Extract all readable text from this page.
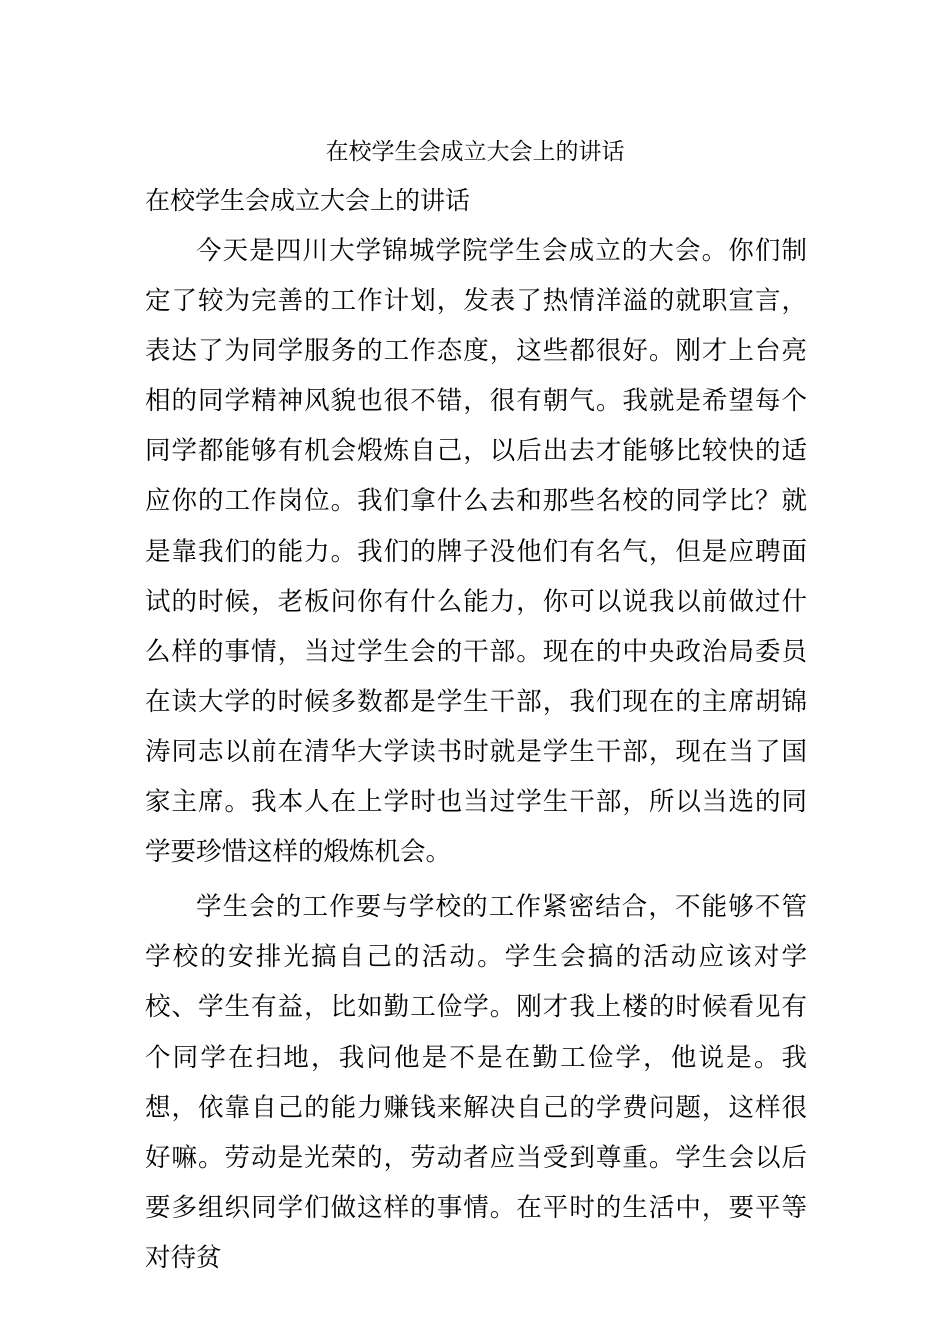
在校学生会成立大会上的讲话
在校学生会成立大会上的讲话

今天是四川大学锦城学院学生会成立的大会。你们制定了较为完善的工作计划，发表了热情洋溢的就职宣言，表达了为同学服务的工作态度，这些都很好。刚才上台亮相的同学精神风貌也很不错，很有朝气。我就是希望每个同学都能够有机会煅炼自己，以后出去才能够比较快的适应你的工作岗位。我们拿什么去和那些名校的同学比？就是靠我们的能力。我们的牌子没他们有名气，但是应聘面试的时候，老板问你有什么能力，你可以说我以前做过什么样的事情，当过学生会的干部。现在的中央政治局委员在读大学的时候多数都是学生干部，我们现在的主席胡锦涛同志以前在清华大学读书时就是学生干部，现在当了国家主席。我本人在上学时也当过学生干部，所以当选的同学要珍惜这样的煅炼机会。

学生会的工作要与学校的工作紧密结合，不能够不管学校的安排光搞自己的活动。学生会搞的活动应该对学校、学生有益，比如勤工俭学。刚才我上楼的时候看见有个同学在扫地，我问他是不是在勤工俭学，他说是。我想，依靠自己的能力赚钱来解决自己的学费问题，这样很好嘛。劳动是光荣的，劳动者应当受到尊重。学生会以后要多组织同学们做这样的事情。在平时的生活中，要平等对待贫
